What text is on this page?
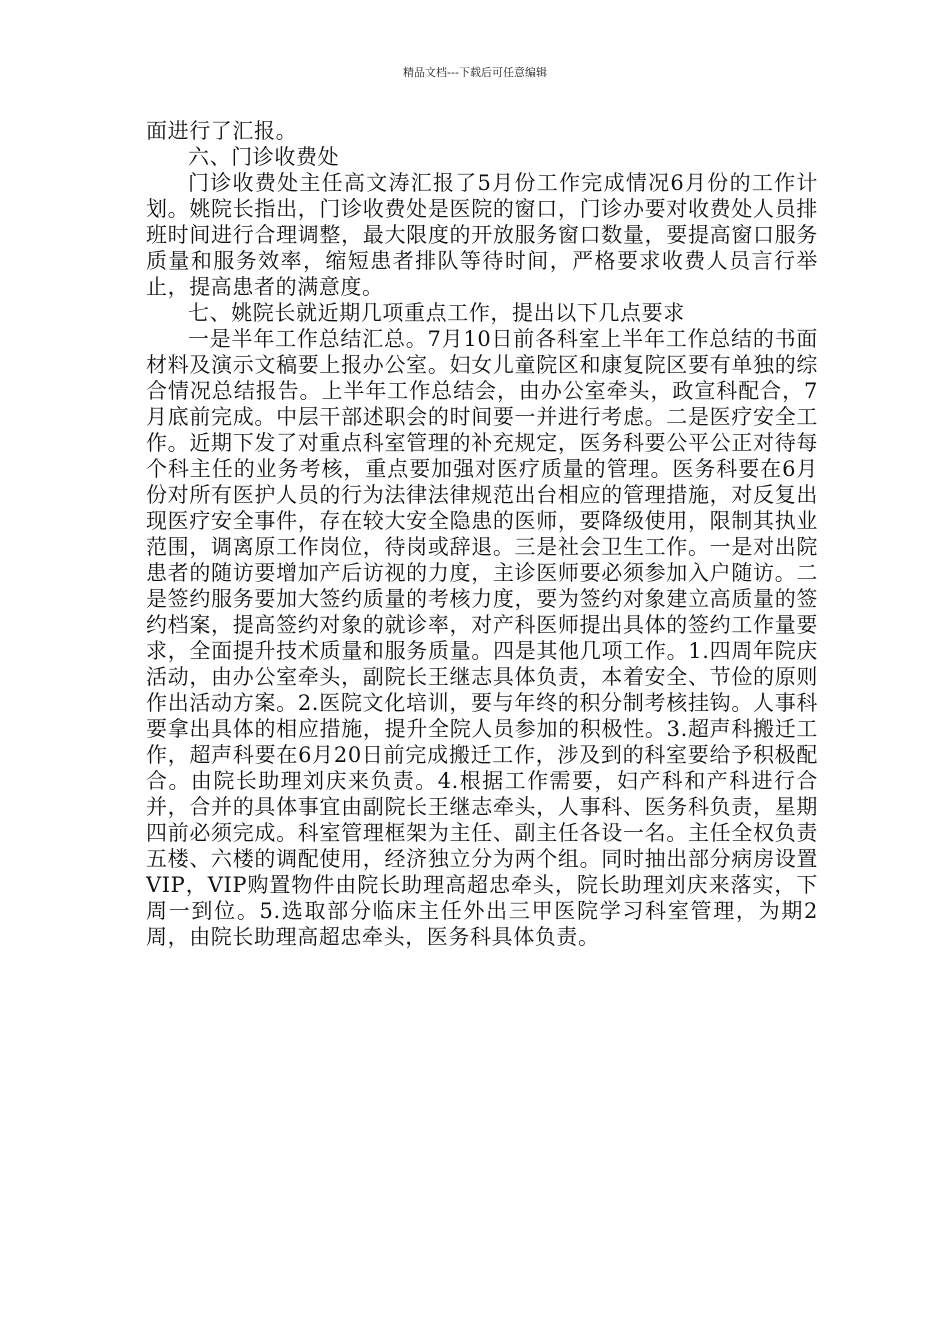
精品文档---下载后可任意编辑

面进行了汇报。

六、门诊收费处

门诊收费处主任高文涛汇报了5月份工作完成情况6月份的工作计划。姚院长指出，门诊收费处是医院的窗口，门诊办要对收费处人员排班时间进行合理调整，最大限度的开放服务窗口数量，要提高窗口服务质量和服务效率，缩短患者排队等待时间，严格要求收费人员言行举止，提高患者的满意度。

七、姚院长就近期几项重点工作，提出以下几点要求

一是半年工作总结汇总。7月10日前各科室上半年工作总结的书面材料及演示文稿要上报办公室。妇女儿童院区和康复院区要有单独的综合情况总结报告。上半年工作总结会，由办公室牵头，政宣科配合，7月底前完成。中层干部述职会的时间要一并进行考虑。二是医疗安全工作。近期下发了对重点科室管理的补充规定，医务科要公平公正对待每个科主任的业务考核，重点要加强对医疗质量的管理。医务科要在6月份对所有医护人员的行为法律法律规范出台相应的管理措施，对反复出现医疗安全事件，存在较大安全隐患的医师，要降级使用，限制其执业范围，调离原工作岗位，待岗或辞退。三是社会卫生工作。一是对出院患者的随访要增加产后访视的力度，主诊医师要必须参加入户随访。二是签约服务要加大签约质量的考核力度，要为签约对象建立高质量的签约档案，提高签约对象的就诊率，对产科医师提出具体的签约工作量要求，全面提升技术质量和服务质量。四是其他几项工作。1.四周年院庆活动，由办公室牵头，副院长王继志具体负责，本着安全、节俭的原则作出活动方案。2.医院文化培训，要与年终的积分制考核挂钩。人事科要拿出具体的相应措施，提升全院人员参加的积极性。3.超声科搬迁工作，超声科要在6月20日前完成搬迁工作，涉及到的科室要给予积极配合。由院长助理刘庆来负责。4.根据工作需要，妇产科和产科进行合并，合并的具体事宜由副院长王继志牵头，人事科、医务科负责，星期四前必须完成。科室管理框架为主任、副主任各设一名。主任全权负责五楼、六楼的调配使用，经济独立分为两个组。同时抽出部分病房设置VIP，VIP购置物件由院长助理高超忠牵头，院长助理刘庆来落实，下周一到位。5.选取部分临床主任外出三甲医院学习科室管理，为期2周，由院长助理高超忠牵头，医务科具体负责。
